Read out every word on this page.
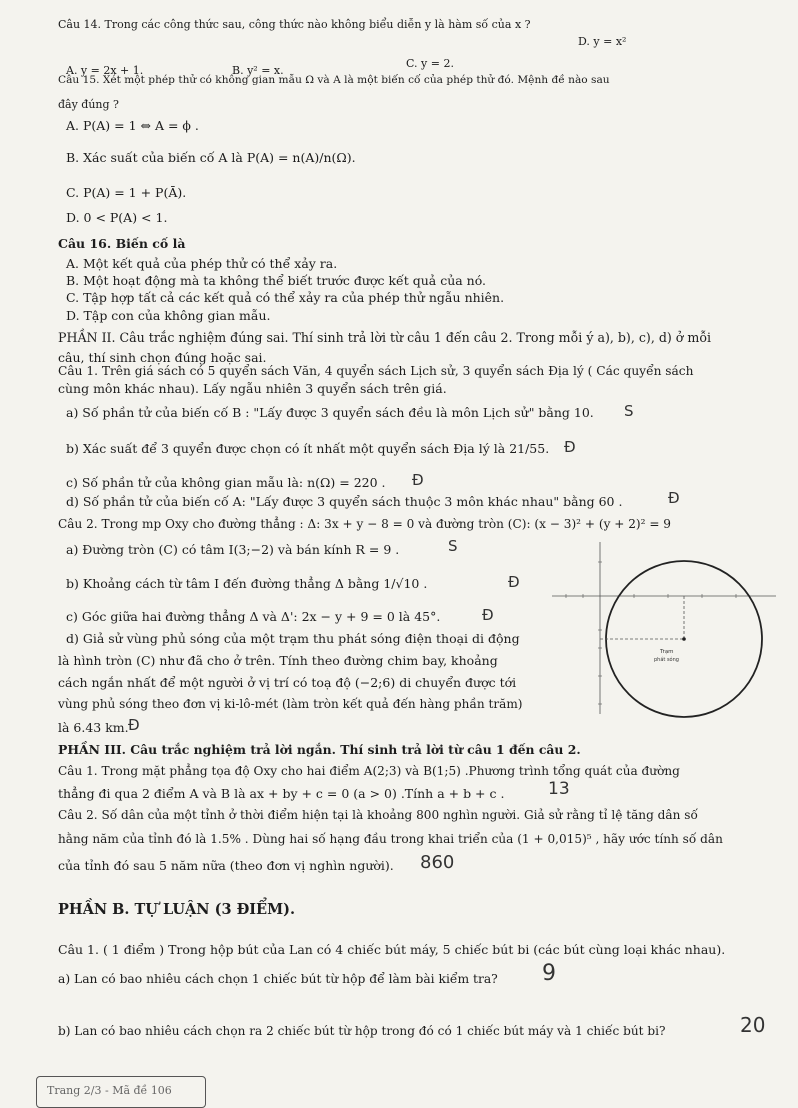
Câu 14. Trong các công thức sau, công thức nào không biểu diễn y là hàm số của x ?
A. y = 2x + 1.	B. y² = x.
C. y = 2.
D. y = x²
Câu 15. Xét một phép thử có không gian mẫu Ω và A là một biến cố của phép thử đó. Mệnh đề nào sau
đây đúng ?
A. P(A) = 1 ⇔ A = ϕ .
B. Xác suất của biến cố A là P(A) = n(A)/n(Ω).
C. P(A) = 1 + P(Ā).
D. 0 < P(A) < 1.
Câu 16. Biến cố là
A. Một kết quả của phép thử có thể xảy ra.
B. Một hoạt động mà ta không thể biết trước được kết quả của nó.
C. Tập hợp tất cả các kết quả có thể xảy ra của phép thử ngẫu nhiên.
D. Tập con của không gian mẫu.
PHẦN II. Câu trắc nghiệm đúng sai. Thí sinh trả lời từ câu 1 đến câu 2. Trong mỗi ý a), b), c), d) ở mỗi
câu, thí sinh chọn đúng hoặc sai.
Câu 1. Trên giá sách có 5 quyển sách Văn, 4 quyển sách Lịch sử, 3 quyển sách Địa lý ( Các quyển sách
cùng môn khác nhau). Lấy ngẫu nhiên 3 quyển sách trên giá.
a) Số phần tử của biến cố B : "Lấy được 3 quyển sách đều là môn Lịch sử" bằng 10. S
b) Xác suất để 3 quyển được chọn có ít nhất một quyển sách Địa lý là 21/55. Đ
c) Số phần tử của không gian mẫu là: n(Ω) = 220 . Đ
d) Số phần tử của biến cố A: "Lấy được 3 quyển sách thuộc 3 môn khác nhau" bằng 60 .	Đ
Câu 2. Trong mp Oxy cho đường thẳng : Δ: 3x + y − 8 = 0 và đường tròn (C): (x − 3)² + (y + 2)² = 9
a) Đường tròn (C) có tâm I(3;−2) và bán kính R = 9 .	S
b) Khoảng cách từ tâm I đến đường thẳng Δ bằng 1/√10 .	Đ
c) Góc giữa hai đường thẳng Δ và Δ': 2x − y + 9 = 0 là 45°.	Đ
d) Giả sử vùng phủ sóng của một trạm thu phát sóng điện thoại di động
là hình tròn (C) như đã cho ở trên. Tính theo đường chim bay, khoảng
cách ngắn nhất để một người ở vị trí có toạ độ (−2;6) di chuyển được tới
vùng phủ sóng theo đơn vị ki-lô-mét (làm tròn kết quả đến hàng phần trăm)
là 6.43 km. Đ
Trạm
phát sóng
PHẦN III. Câu trắc nghiệm trả lời ngắn. Thí sinh trả lời từ câu 1 đến câu 2.
Câu 1. Trong mặt phẳng tọa độ Oxy cho hai điểm A(2;3) và B(1;5) .Phương trình tổng quát của đường
thẳng đi qua 2 điểm A và B là ax + by + c = 0 (a > 0) .Tính a + b + c .	13
Câu 2. Số dân của một tỉnh ở thời điểm hiện tại là khoảng 800 nghìn người. Giả sử rằng tỉ lệ tăng dân số
hằng năm của tỉnh đó là 1.5% . Dùng hai số hạng đầu trong khai triển của (1 + 0,015)⁵ , hãy ước tính số dân
của tỉnh đó sau 5 năm nữa (theo đơn vị nghìn người). 860
PHẦN B. TỰ LUẬN (3 ĐIỂM).
Câu 1. ( 1 điểm ) Trong hộp bút của Lan có 4 chiếc bút máy, 5 chiếc bút bi (các bút cùng loại khác nhau).
a) Lan có bao nhiêu cách chọn 1 chiếc bút từ hộp để làm bài kiểm tra? 9
b) Lan có bao nhiêu cách chọn ra 2 chiếc bút từ hộp trong đó có 1 chiếc bút máy và 1 chiếc bút bi?	20
Trang 2/3 - Mã đề 106
